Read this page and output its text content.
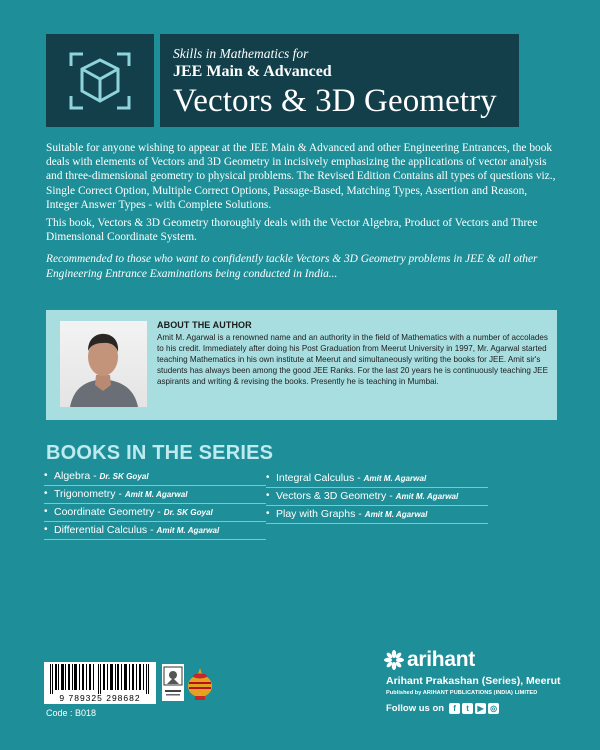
Skills in Mathematics for
JEE Main & Advanced
Vectors & 3D Geometry

Suitable for anyone wishing to appear at the JEE Main & Advanced and other Engineering Entrances, the book deals with elements of Vectors and 3D Geometry in incisively emphasizing the applications of vector analysis and three-dimensional geometry to physical problems. The Revised Edition Contains all types of questions viz., Single Correct Option, Multiple Correct Options, Passage-Based, Matching Types, Assertion and Reason, Integer Answer Types - with Complete Solutions.

This book, Vectors & 3D Geometry thoroughly deals with the Vector Algebra, Product of Vectors and Three Dimensional Coordinate System.

Recommended to those who want to confidently tackle Vectors & 3D Geometry problems in JEE & all other Engineering Entrance Examinations being conducted in India...

ABOUT THE AUTHOR
Amit M. Agarwal is a renowned name and an authority in the field of Mathematics with a number of accolades to his credit. Immediately after doing his Post Graduation from Meerut University in 1997, Mr. Agarwal started teaching Mathematics in his own institute at Meerut and simultaneously writing the books for JEE. Amit sir's students has always been among the good JEE Ranks. For the last 20 years he is continuously teaching JEE aspirants and writing & revising the books. Presently he is teaching in Mumbai.
BOOKS IN THE SERIES
• Algebra - Dr. SK Goyal
• Trigonometry - Amit M. Agarwal
• Coordinate Geometry - Dr. SK Goyal
• Differential Calculus - Amit M. Agarwal
• Integral Calculus - Amit M. Agarwal
• Vectors & 3D Geometry - Amit M. Agarwal
• Play with Graphs - Amit M. Agarwal
9 789325 298682
Code : B018
arihant
Arihant Prakashan (Series), Meerut
Published by ARIHANT PUBLICATIONS (INDIA) LIMITED
Follow us on	f	t	▶ ◎
